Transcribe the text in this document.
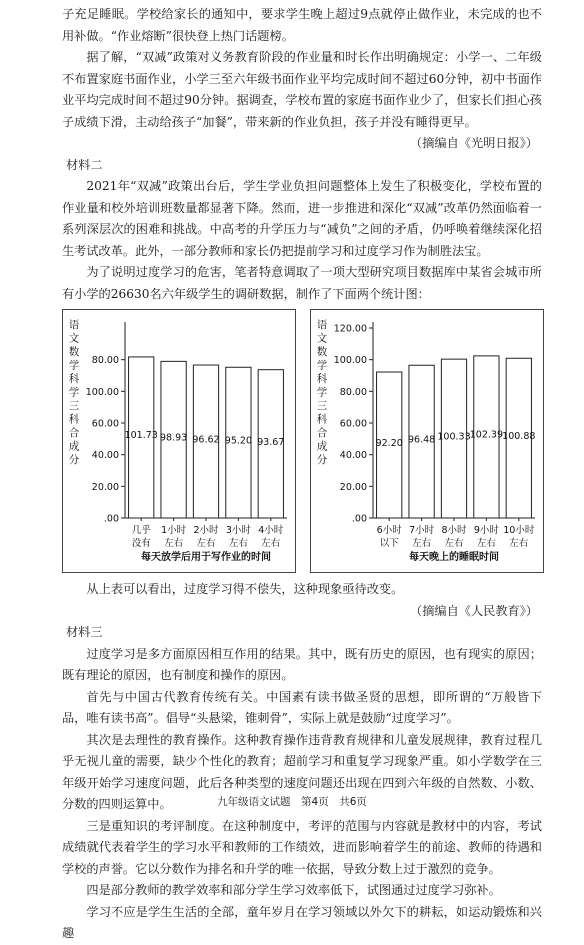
子充足睡眠。学校给家长的通知中，要求学生晚上超过9点就停止做作业，未完成的也不用补做。“作业熔断”很快登上热门话题榜。

据了解，“双减”政策对义务教育阶段的作业量和时长作出明确规定：小学一、二年级不布置家庭书面作业，小学三至六年级书面作业平均完成时间不超过60分钟，初中书面作业平均完成时间不超过90分钟。据调查，学校布置的家庭书面作业少了，但家长们担心孩子成绩下滑，主动给孩子“加餐”，带来新的作业负担，孩子并没有睡得更早。

（摘编自《光明日报》）

材料二

2021年“双减”政策出台后，学生学业负担问题整体上发生了积极变化，学校布置的作业量和校外培训班数量都显著下降。然而，进一步推进和深化“双减”改革仍然面临着一系列深层次的困难和挑战。中高考的升学压力与“减负”之间的矛盾，仍呼唤着继续深化招生考试改革。此外，一部分教师和家长仍把提前学习和过度学习作为制胜法宝。

为了说明过度学习的危害，笔者特意调取了一项大型研究项目数据库中某省会城市所有小学的26630名六年级学生的调研数据，制作了下面两个统计图：

语
文
数
学
科
学
三
科
合
成
分
80.00
100.00
60.00
40.00
20.00
.00
101.73
几乎
没有
98.93
1小时
左右
96.62
2小时
左右
95.20
3小时
左右
93.67
4小时
左右
每天放学后用于写作业的时间
语
文
数
学
科
学
三
科
合
成
分
120.00
100.00
80.00
60.00
40.00
20.00
.00
92.20
6小时
以下
96.48
7小时
左右
100.33
8小时
左右
102.39
9小时
左右
100.88
10小时
左右
每天晚上的睡眠时间

从上表可以看出，过度学习得不偿失，这种现象亟待改变。

（摘编自《人民教育》）

材料三

过度学习是多方面原因相互作用的结果。其中，既有历史的原因，也有现实的原因；既有理论的原因，也有制度和操作的原因。

首先与中国古代教育传统有关。中国素有读书做圣贤的思想，即所谓的“万般皆下品，唯有读书高”。倡导“头悬梁，锥刺骨”，实际上就是鼓励“过度学习”。

其次是去理性的教育操作。这种教育操作违背教育规律和儿童发展规律，教育过程几乎无视儿童的需要，缺少个性化的教育；超前学习和重复学习现象严重。如小学数学在三年级开始学习速度问题，此后各种类型的速度问题还出现在四到六年级的自然数、小数、分数的四则运算中。

三是重知识的考评制度。在这种制度中，考评的范围与内容就是教材中的内容，考试成绩就代表着学生的学习水平和教师的工作绩效，进而影响着学生的前途、教师的待遇和学校的声誉。它以分数作为排名和升学的唯一依据，导致分数上过于激烈的竞争。

四是部分教师的教学效率和部分学生学习效率低下，试图通过过度学习弥补。

学习不应是学生生活的全部，童年岁月在学习领域以外欠下的耕耘，如运动锻炼和兴趣

九年级语文试题　第4页　共6页
